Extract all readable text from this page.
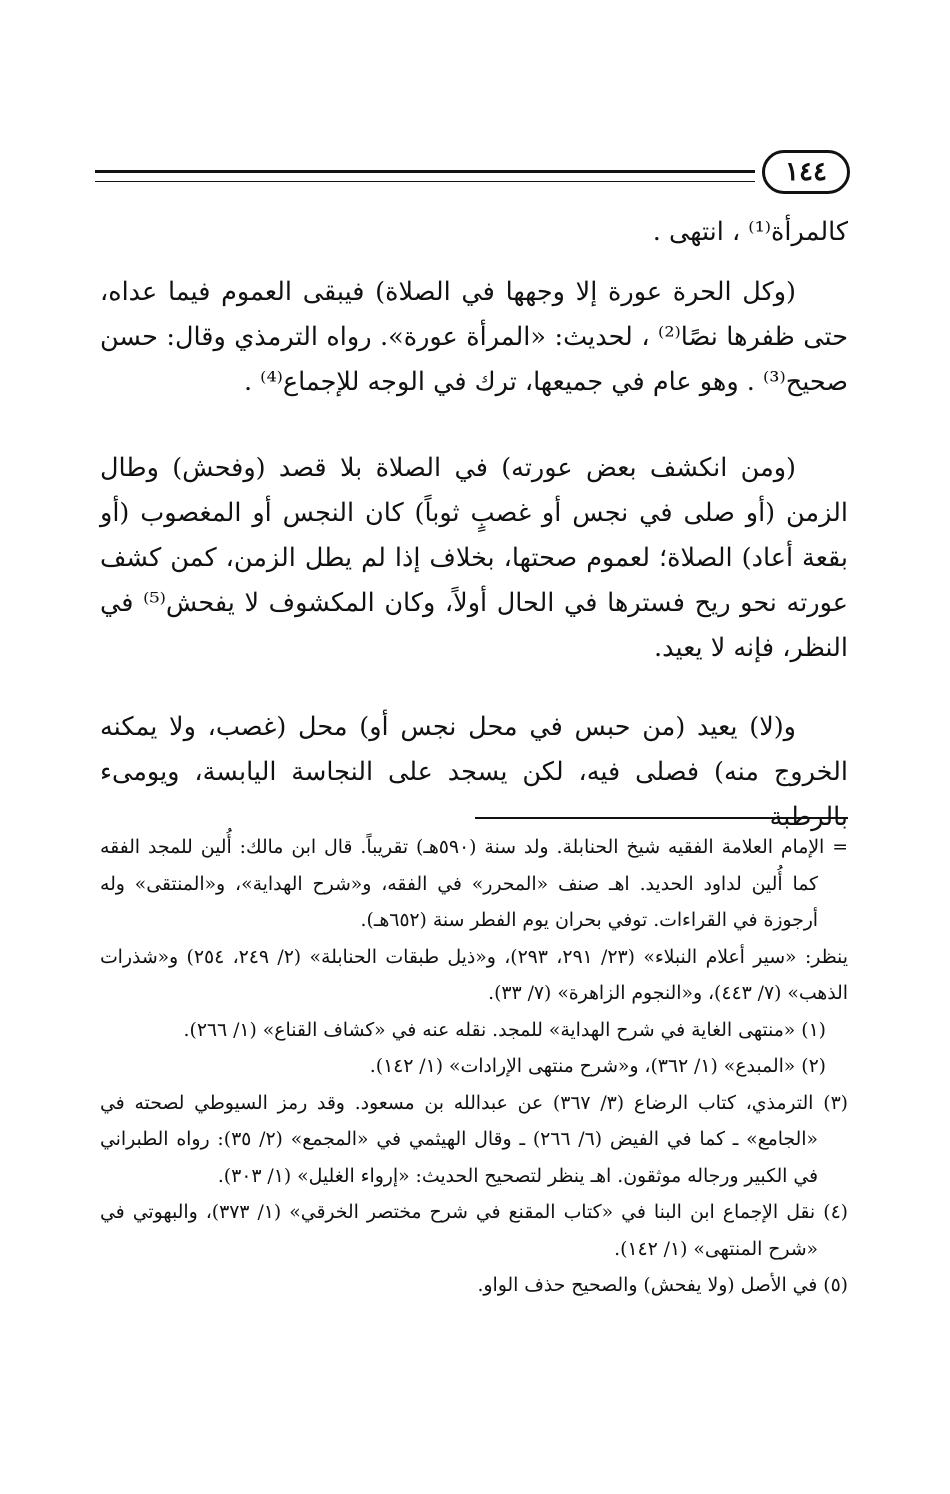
١٤٤

كالمرأة⁽¹⁾ ، انتهى .

(وكل الحرة عورة إلا وجهها في الصلاة) فيبقى العموم فيما عداه، حتى ظفرها نصًا⁽²⁾ ، لحديث: «المرأة عورة». رواه الترمذي وقال: حسن صحيح⁽³⁾ . وهو عام في جميعها، ترك في الوجه للإجماع⁽⁴⁾ .

(ومن انكشف بعض عورته) في الصلاة بلا قصد (وفحش) وطال الزمن (أو صلى في نجس أو غصبٍ ثوباً) كان النجس أو المغصوب (أو بقعة أعاد) الصلاة؛ لعموم صحتها، بخلاف إذا لم يطل الزمن، كمن كشف عورته نحو ريح فسترها في الحال أولاً، وكان المكشوف لا يفحش⁽⁵⁾ في النظر، فإنه لا يعيد.

و(لا) يعيد (من حبس في محل نجس أو) محل (غصب، ولا يمكنه الخروج منه) فصلى فيه، لكن يسجد على النجاسة اليابسة، ويومىء بالرطبة

= الإمام العلامة الفقيه شيخ الحنابلة. ولد سنة (٥٩٠هـ) تقريباً. قال ابن مالك: أُلين للمجد الفقه كما أُلين لداود الحديد. اهـ صنف «المحرر» في الفقه، و«شرح الهداية»، و«المنتقى» وله أرجوزة في القراءات. توفي بحران يوم الفطر سنة (٦٥٢هـ).

ينظر: «سير أعلام النبلاء» (٢٣/ ٢٩١، ٢٩٣)، و«ذيل طبقات الحنابلة» (٢/ ٢٤٩، ٢٥٤) و«شذرات الذهب» (٧/ ٤٤٣)، و«النجوم الزاهرة» (٧/ ٣٣).

(١) «منتهى الغاية في شرح الهداية» للمجد. نقله عنه في «كشاف القناع» (١/ ٢٦٦).

(٢) «المبدع» (١/ ٣٦٢)، و«شرح منتهى الإرادات» (١/ ١٤٢).

(٣) الترمذي، كتاب الرضاع (٣/ ٣٦٧) عن عبدالله بن مسعود. وقد رمز السيوطي لصحته في «الجامع» ـ كما في الفيض (٦/ ٢٦٦) ـ وقال الهيثمي في «المجمع» (٢/ ٣٥): رواه الطبراني في الكبير ورجاله موثقون. اهـ ينظر لتصحيح الحديث: «إرواء الغليل» (١/ ٣٠٣).

(٤) نقل الإجماع ابن البنا في «كتاب المقنع في شرح مختصر الخرقي» (١/ ٣٧٣)، والبهوتي في «شرح المنتهى» (١/ ١٤٢).

(٥) في الأصل (ولا يفحش) والصحيح حذف الواو.
